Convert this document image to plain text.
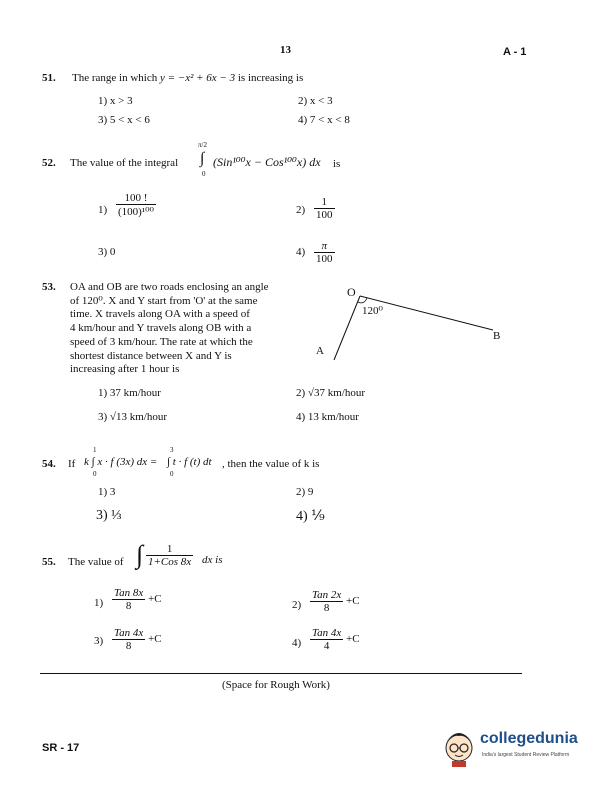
13	A - 1
51. The range in which y = −x² + 6x − 3 is increasing is
1) x > 3	2) x < 3
3) 5 < x < 6	4) 7 < x < 8
52. The value of the integral
π/2
∫
0
(Sin¹⁰⁰x − Cos¹⁰⁰x) dx is
$1) \frac{100 !}{\text{(100)¹⁰⁰}}$	$2) \frac{1}{100}$
3) 0	$4) \frac{\pi}{100}$
53. OA and OB are two roads enclosing an angle
of 120⁰. X and Y start from 'O' at the same
time. X travels along OA with a speed of
4 km/hour and Y travels along OB with a
speed of 3 km/hour. The rate at which the
shortest distance between X and Y is
increasing after 1 hour is
O
120⁰
A
B
1) 37 km/hour	2) √37 km/hour
3) √13 km/hour	4) 13 km/hour
54. If
1
0
k ∫ x · f (3x) dx =
3
0
∫ t · f (t) dt , then the value of k is
1) 3	2) 9
3) ⅓	4) ⅑
55. The value of ∫ $\frac{1}{\text{1+Cos 8x}}$ dx is
$1) \frac{\text{Tan 8x}}{8} +C$	$2) \frac{\text{Tan 2x}}{8} +C$
$3) \frac{\text{Tan 4x}}{8} +C$	$4) \frac{\text{Tan 4x}}{4} +C$
(Space for Rough Work)
SR - 17
collegedunia
India's largest Student Review Platform
